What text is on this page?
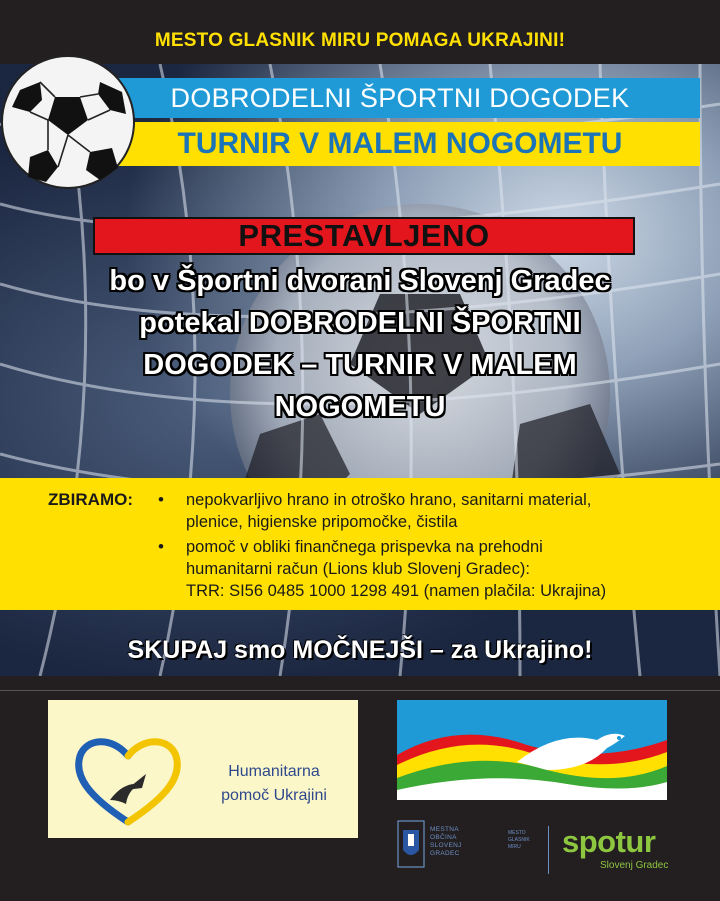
MESTO GLASNIK MIRU POMAGA UKRAJINI!
DOBRODELNI ŠPORTNI DOGODEK
TURNIR V MALEM NOGOMETU
PRESTAVLJENO
bo v Športni dvorani Slovenj Gradec
potekal DOBRODELNI ŠPORTNI
DOGODEK – TURNIR V MALEM
NOGOMETU
ZBIRAMO: • nepokvarljivo hrano in otroško hrano, sanitarni material,
plenice, higienske pripomočke, čistila
• pomoč v obliki finančnega prispevka na prehodni
humanitarni račun (Lions klub Slovenj Gradec):
TRR: SI56 0485 1000 1298 491 (namen plačila: Ukrajina)
SKUPAJ smo MOČNEJŠI – za Ukrajino!
Humanitarna
pomoč Ukrajini
MESTNA
OBČINA
SLOVENJ
GRADEC
MESTO
GLASNIK
MIRU	spotur
Slovenj Gradec
